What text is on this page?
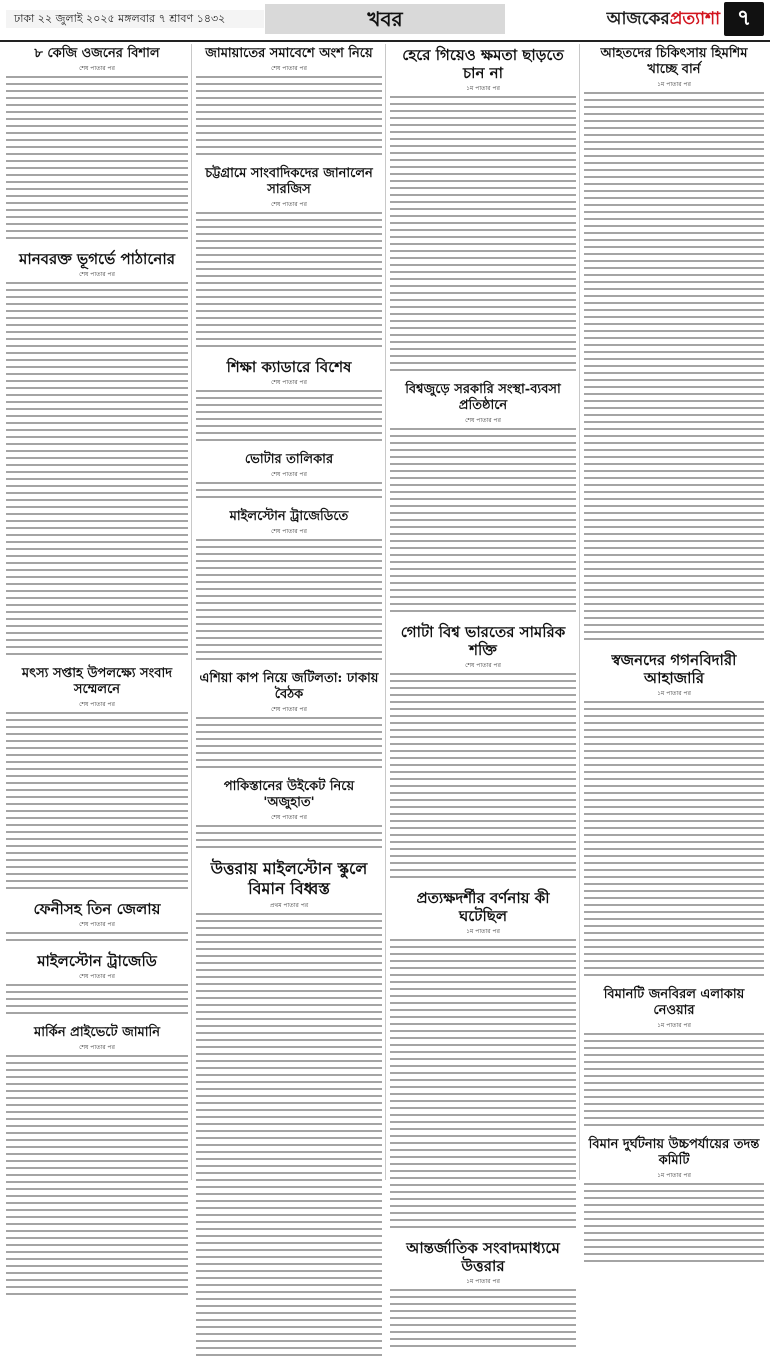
ঢাকা ২২ জুলাই ২০২৫ মঙ্গলবার ৭ শ্রাবণ ১৪৩২	খবর	আজকেরপ্রত্যাশা ৭
৮ কেজি ওজনের বিশাল
শেষ পাতার পর
মানবরক্ত ভূগর্ভে পাঠানোর
শেষ পাতার পর
মৎস্য সপ্তাহ উপলক্ষ্যে সংবাদ সম্মেলনে
শেষ পাতার পর
ফেনীসহ তিন জেলায়
শেষ পাতার পর
মাইলস্টোন ট্রাজেডি
শেষ পাতার পর
মার্কিন প্রাইভেটে জামানি
শেষ পাতার পর
জামায়াতের সমাবেশে অংশ নিয়ে
শেষ পাতার পর
চট্টগ্রামে সাংবাদিকদের জানালেন সারজিস
শেষ পাতার পর
শিক্ষা ক্যাডারে বিশেষ
শেষ পাতার পর
ভোটার তালিকার
শেষ পাতার পর
মাইলস্টোন ট্রাজেডিতে
শেষ পাতার পর
এশিয়া কাপ নিয়ে জটিলতা: ঢাকায় বৈঠক
শেষ পাতার পর
পাকিস্তানের উইকেট নিয়ে 'অজুহাত'
শেষ পাতার পর
উত্তরায় মাইলস্টোন স্কুলে বিমান বিধ্বস্ত
প্রথম পাতার পর
হেরে গিয়েও ক্ষমতা ছাড়তে চান না
১ম পাতার পর
বিশ্বজুড়ে সরকারি সংস্থা-ব্যবসা প্রতিষ্ঠানে
শেষ পাতার পর
গোটা বিশ্ব ভারতের সামরিক শক্তি
শেষ পাতার পর
প্রত্যক্ষদর্শীর বর্ণনায় কী ঘটেছিল
১ম পাতার পর
আন্তর্জাতিক সংবাদমাধ্যমে উত্তরার
১ম পাতার পর
আহতদের চিকিৎসায় হিমশিম খাচ্ছে বার্ন
১ম পাতার পর
স্বজনদের গগনবিদারী আহাজারি
১ম পাতার পর
বিমানটি জনবিরল এলাকায় নেওয়ার
১ম পাতার পর
বিমান দুর্ঘটনায় উচ্চপর্যায়ের তদন্ত কমিটি
১ম পাতার পর
